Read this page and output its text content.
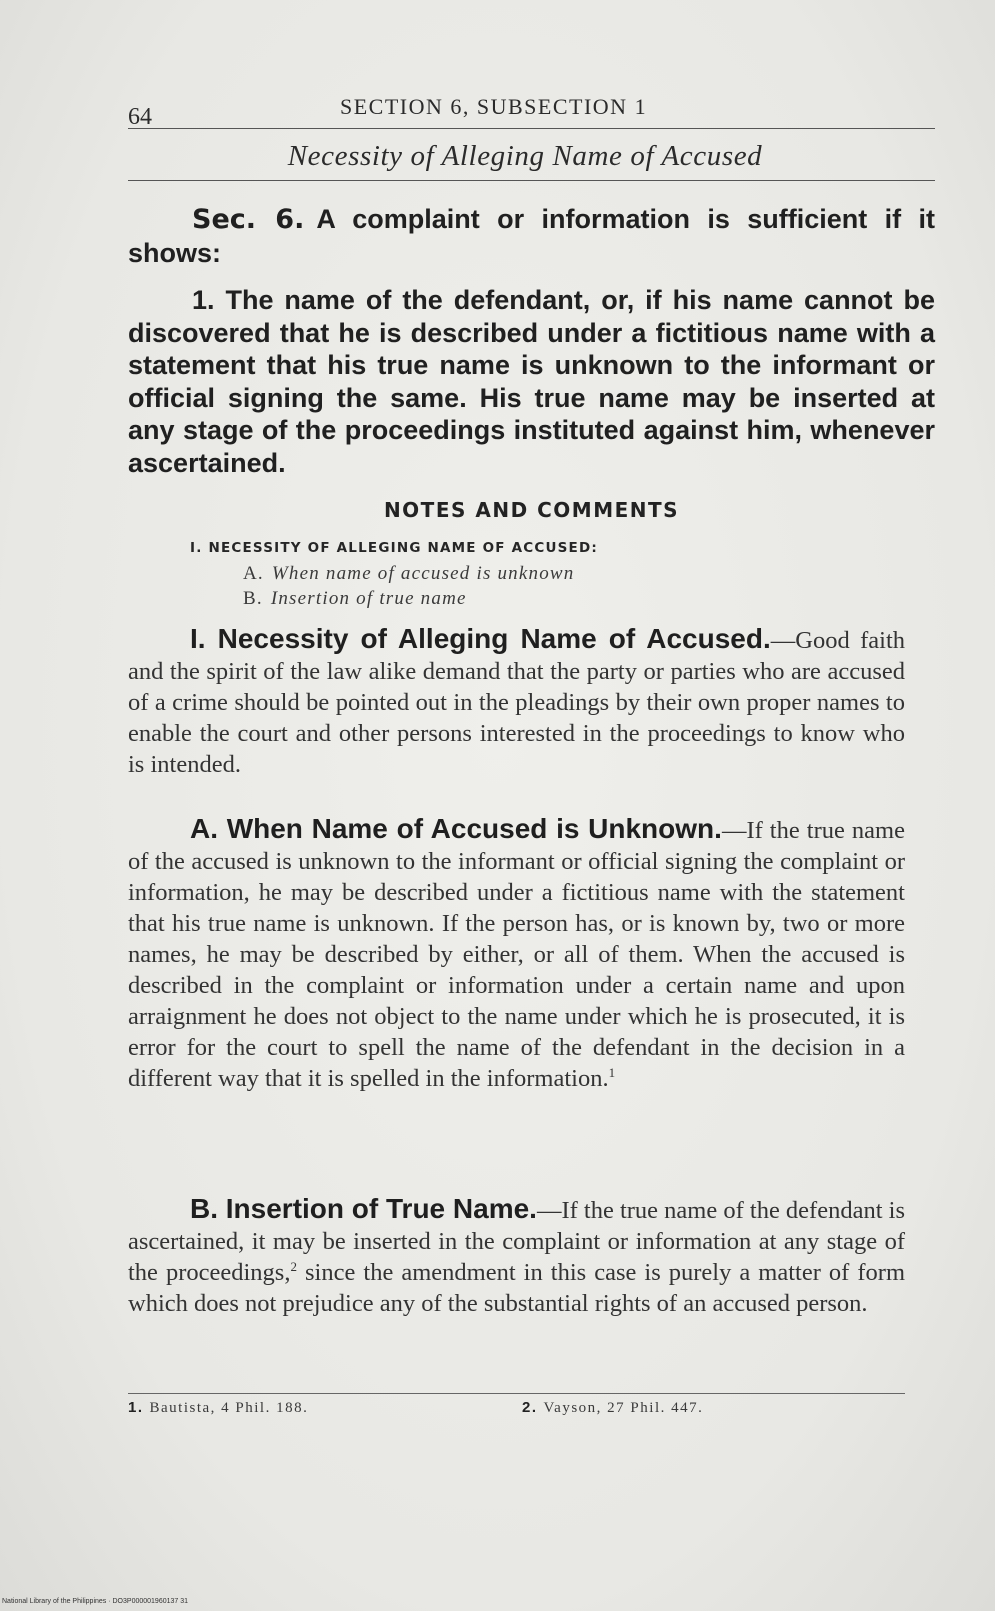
64	SECTION 6, SUBSECTION 1
Necessity of Alleging Name of Accused
Sec. 6. A complaint or information is sufficient if it shows:
1. The name of the defendant, or, if his name cannot be discovered that he is described under a fictitious name with a statement that his true name is unknown to the informant or official signing the same. His true name may be inserted at any stage of the proceedings instituted against him, whenever ascertained.
NOTES AND COMMENTS
I. NECESSITY OF ALLEGING NAME OF ACCUSED:
A. When name of accused is unknown
B. Insertion of true name
I. Necessity of Alleging Name of Accused.—Good faith and the spirit of the law alike demand that the party or parties who are accused of a crime should be pointed out in the pleadings by their own proper names to enable the court and other persons interested in the proceedings to know who is intended.
A. When Name of Accused is Unknown.—If the true name of the accused is unknown to the informant or official signing the complaint or information, he may be described under a fictitious name with the statement that his true name is unknown. If the person has, or is known by, two or more names, he may be described by either, or all of them. When the accused is described in the complaint or information under a certain name and upon arraignment he does not object to the name under which he is prosecuted, it is error for the court to spell the name of the defendant in the decision in a different way that it is spelled in the information.$^1$
B. Insertion of True Name.—If the true name of the defendant is ascertained, it may be inserted in the complaint or information at any stage of the proceedings,$^2$ since the amendment in this case is purely a matter of form which does not prejudice any of the substantial rights of an accused person.
1. Bautista, 4 Phil. 188.	2. Vayson, 27 Phil. 447.
National Library of the Philippines · DO3P000001960137 31
